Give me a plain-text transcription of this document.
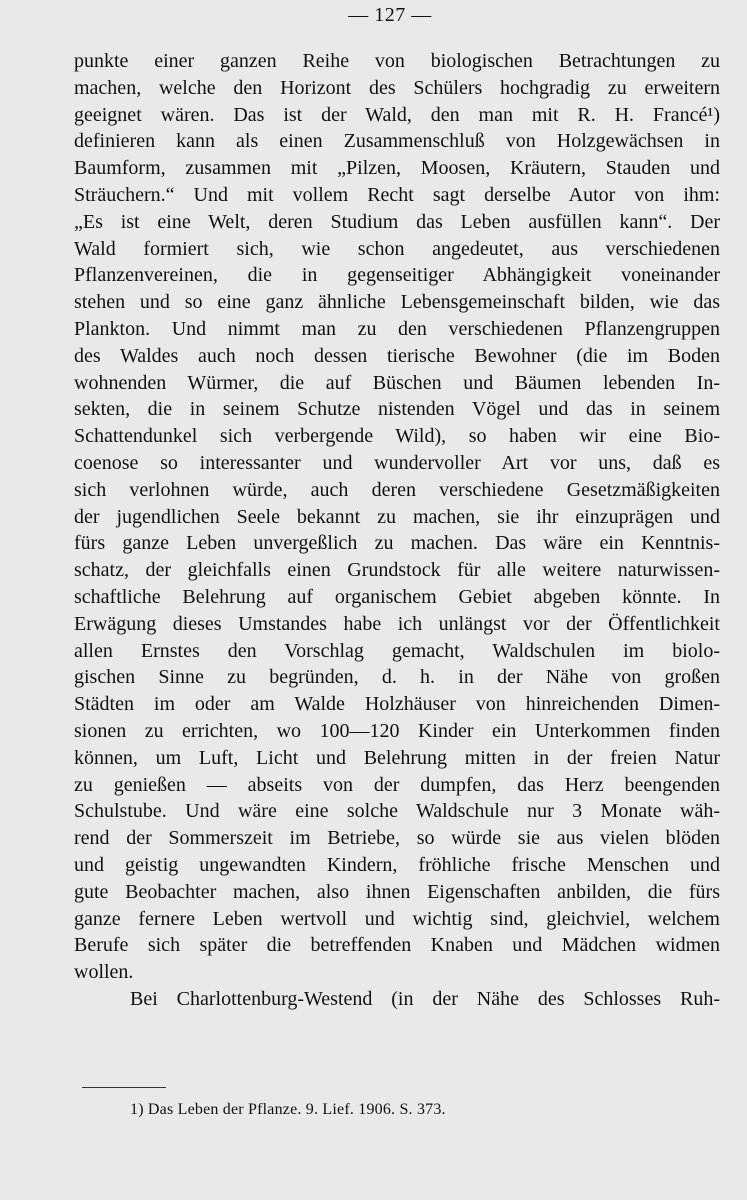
— 127 —
punkte einer ganzen Reihe von biologischen Betrachtungen zu
machen, welche den Horizont des Schülers hochgradig zu erweitern
geeignet wären. Das ist der Wald, den man mit R. H. Francé¹)
definieren kann als einen Zusammenschluß von Holzgewächsen in
Baumform, zusammen mit „Pilzen, Moosen, Kräutern, Stauden und
Sträuchern.“ Und mit vollem Recht sagt derselbe Autor von ihm:
„Es ist eine Welt, deren Studium das Leben ausfüllen kann“. Der
Wald formiert sich, wie schon angedeutet, aus verschiedenen
Pflanzenvereinen, die in gegenseitiger Abhängigkeit voneinander
stehen und so eine ganz ähnliche Lebensgemeinschaft bilden, wie das
Plankton. Und nimmt man zu den verschiedenen Pflanzengruppen
des Waldes auch noch dessen tierische Bewohner (die im Boden
wohnenden Würmer, die auf Büschen und Bäumen lebenden In-
sekten, die in seinem Schutze nistenden Vögel und das in seinem
Schattendunkel sich verbergende Wild), so haben wir eine Bio-
coenose so interessanter und wundervoller Art vor uns, daß es
sich verlohnen würde, auch deren verschiedene Gesetzmäßigkeiten
der jugendlichen Seele bekannt zu machen, sie ihr einzuprägen und
fürs ganze Leben unvergeßlich zu machen. Das wäre ein Kenntnis-
schatz, der gleichfalls einen Grundstock für alle weitere naturwissen-
schaftliche Belehrung auf organischem Gebiet abgeben könnte. In
Erwägung dieses Umstandes habe ich unlängst vor der Öffentlichkeit
allen Ernstes den Vorschlag gemacht, Waldschulen im biolo-
gischen Sinne zu begründen, d. h. in der Nähe von großen
Städten im oder am Walde Holzhäuser von hinreichenden Dimen-
sionen zu errichten, wo 100—120 Kinder ein Unterkommen finden
können, um Luft, Licht und Belehrung mitten in der freien Natur
zu genießen — abseits von der dumpfen, das Herz beengenden
Schulstube. Und wäre eine solche Waldschule nur 3 Monate wäh-
rend der Sommerszeit im Betriebe, so würde sie aus vielen blöden
und geistig ungewandten Kindern, fröhliche frische Menschen und
gute Beobachter machen, also ihnen Eigenschaften anbilden, die fürs
ganze fernere Leben wertvoll und wichtig sind, gleichviel, welchem
Berufe sich später die betreffenden Knaben und Mädchen widmen
wollen.
Bei Charlottenburg-Westend (in der Nähe des Schlosses Ruh-
1) Das Leben der Pflanze. 9. Lief. 1906. S. 373.
